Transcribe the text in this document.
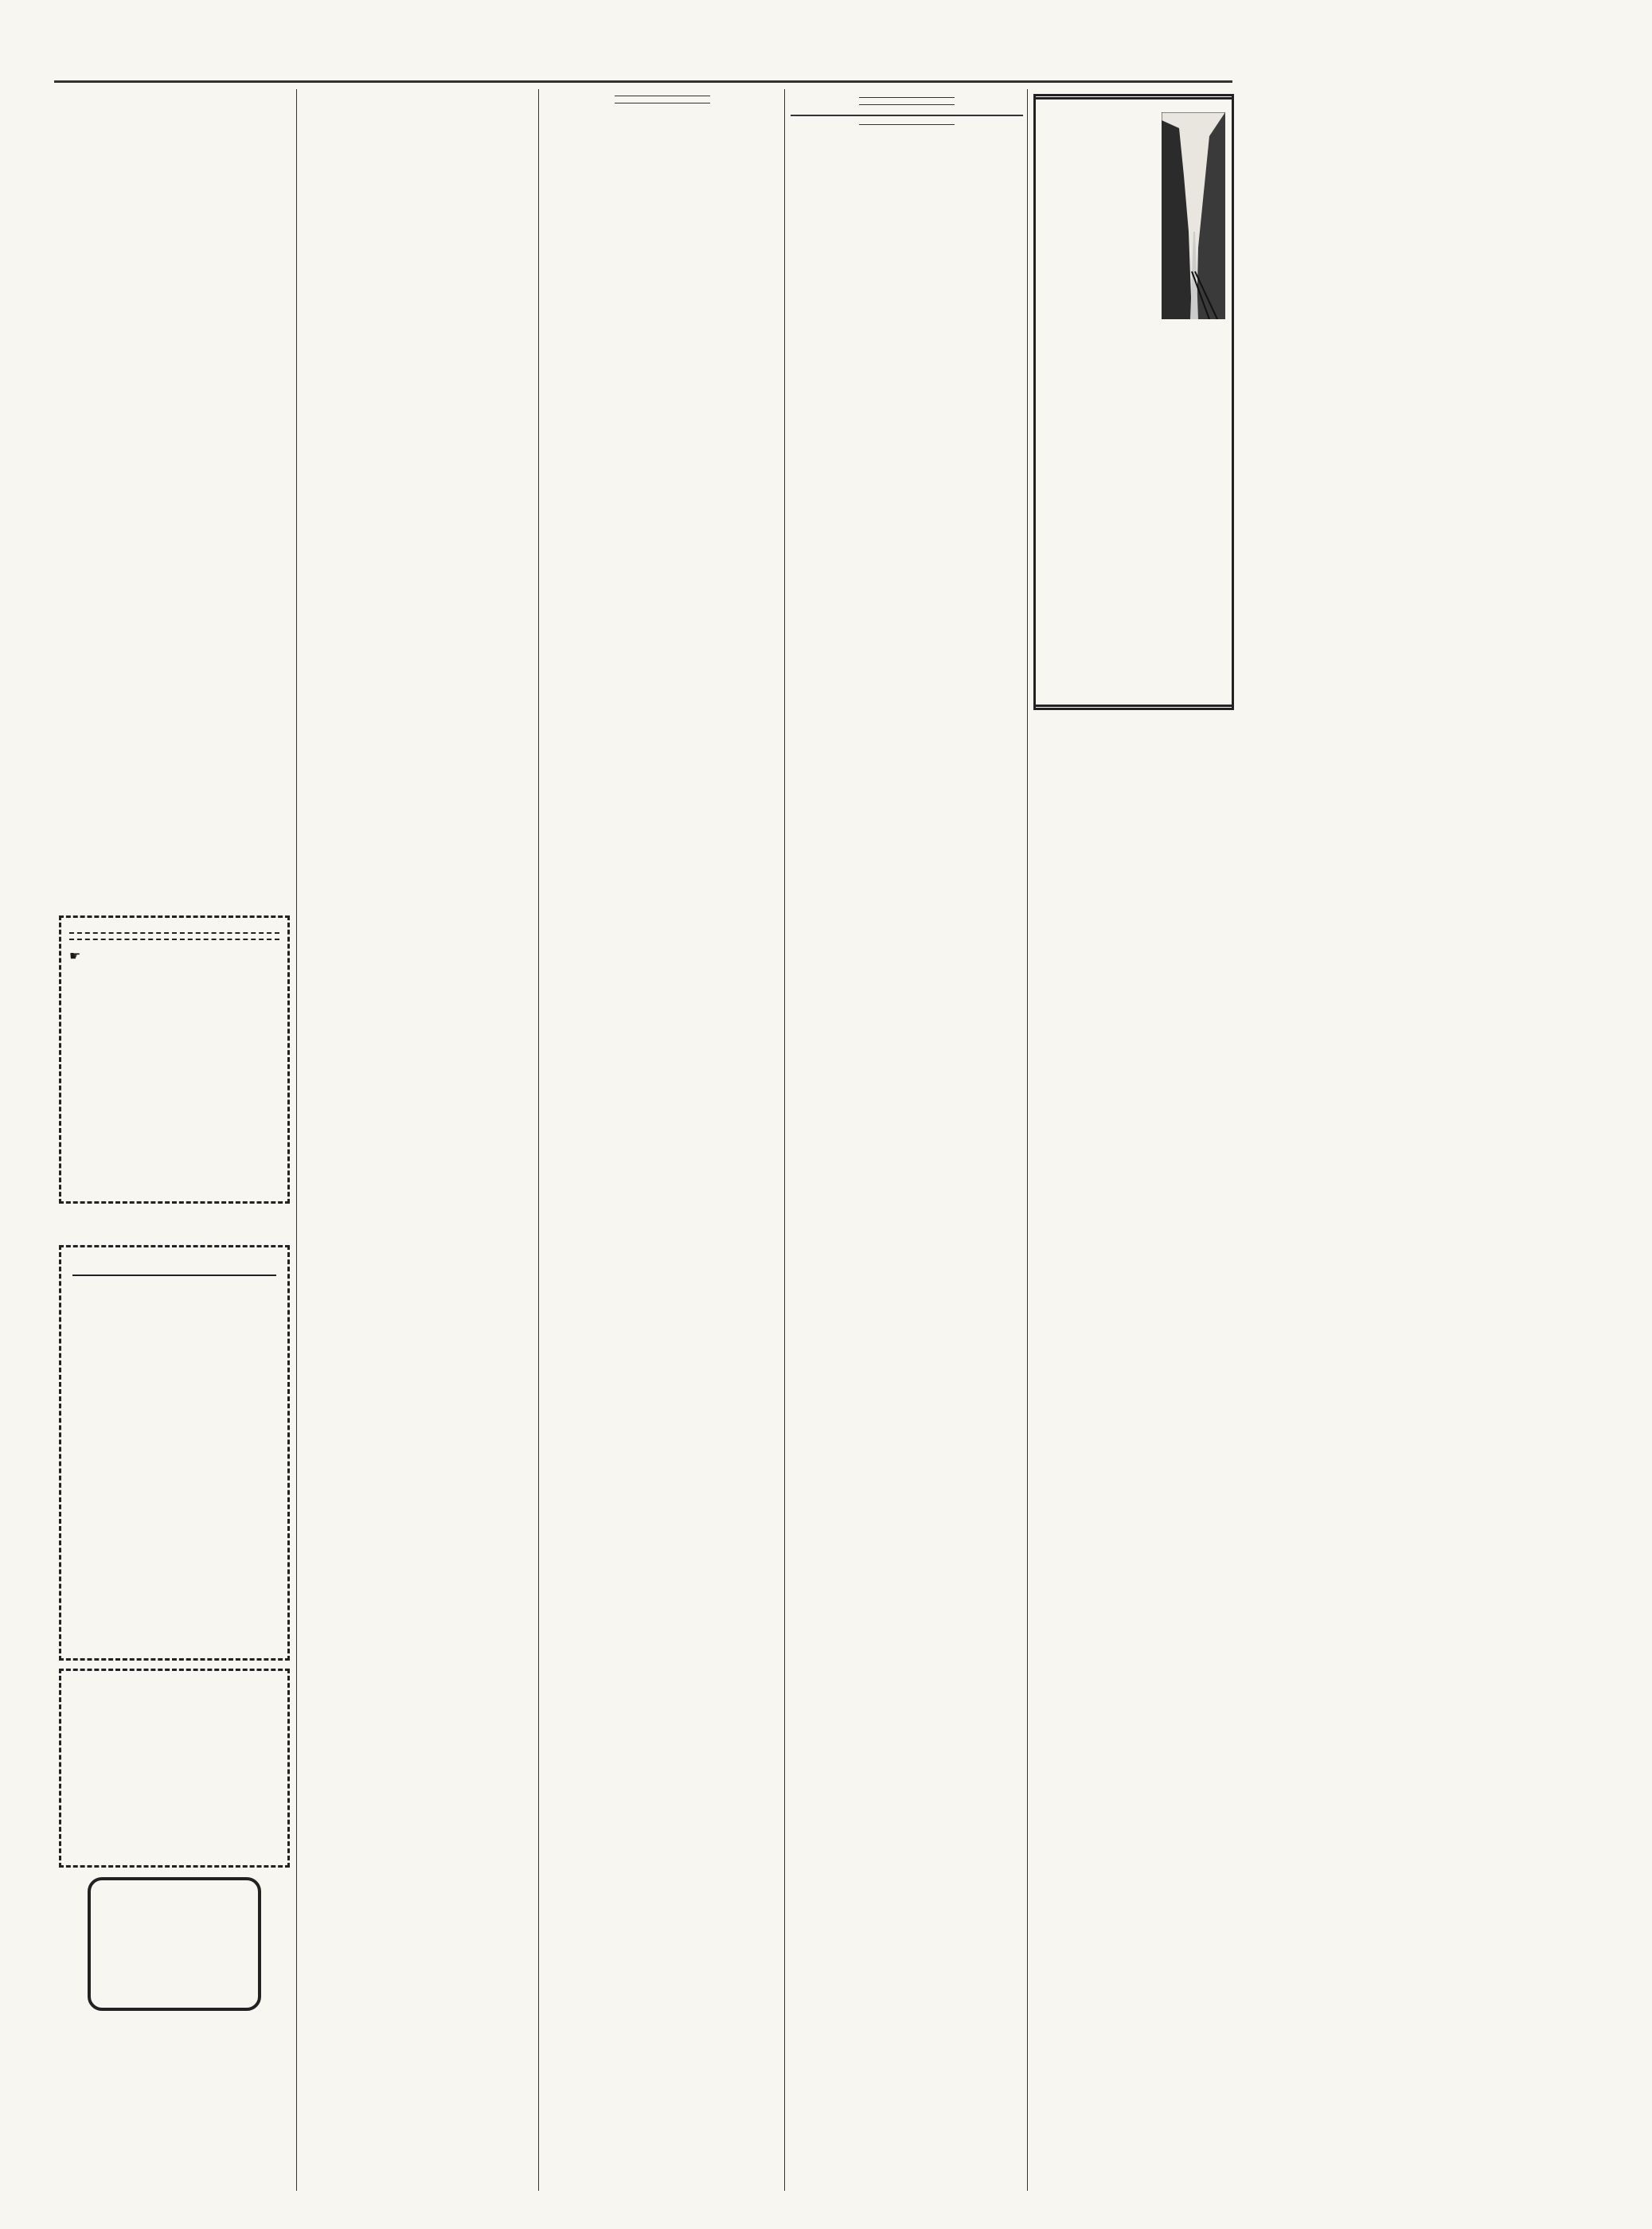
☛
